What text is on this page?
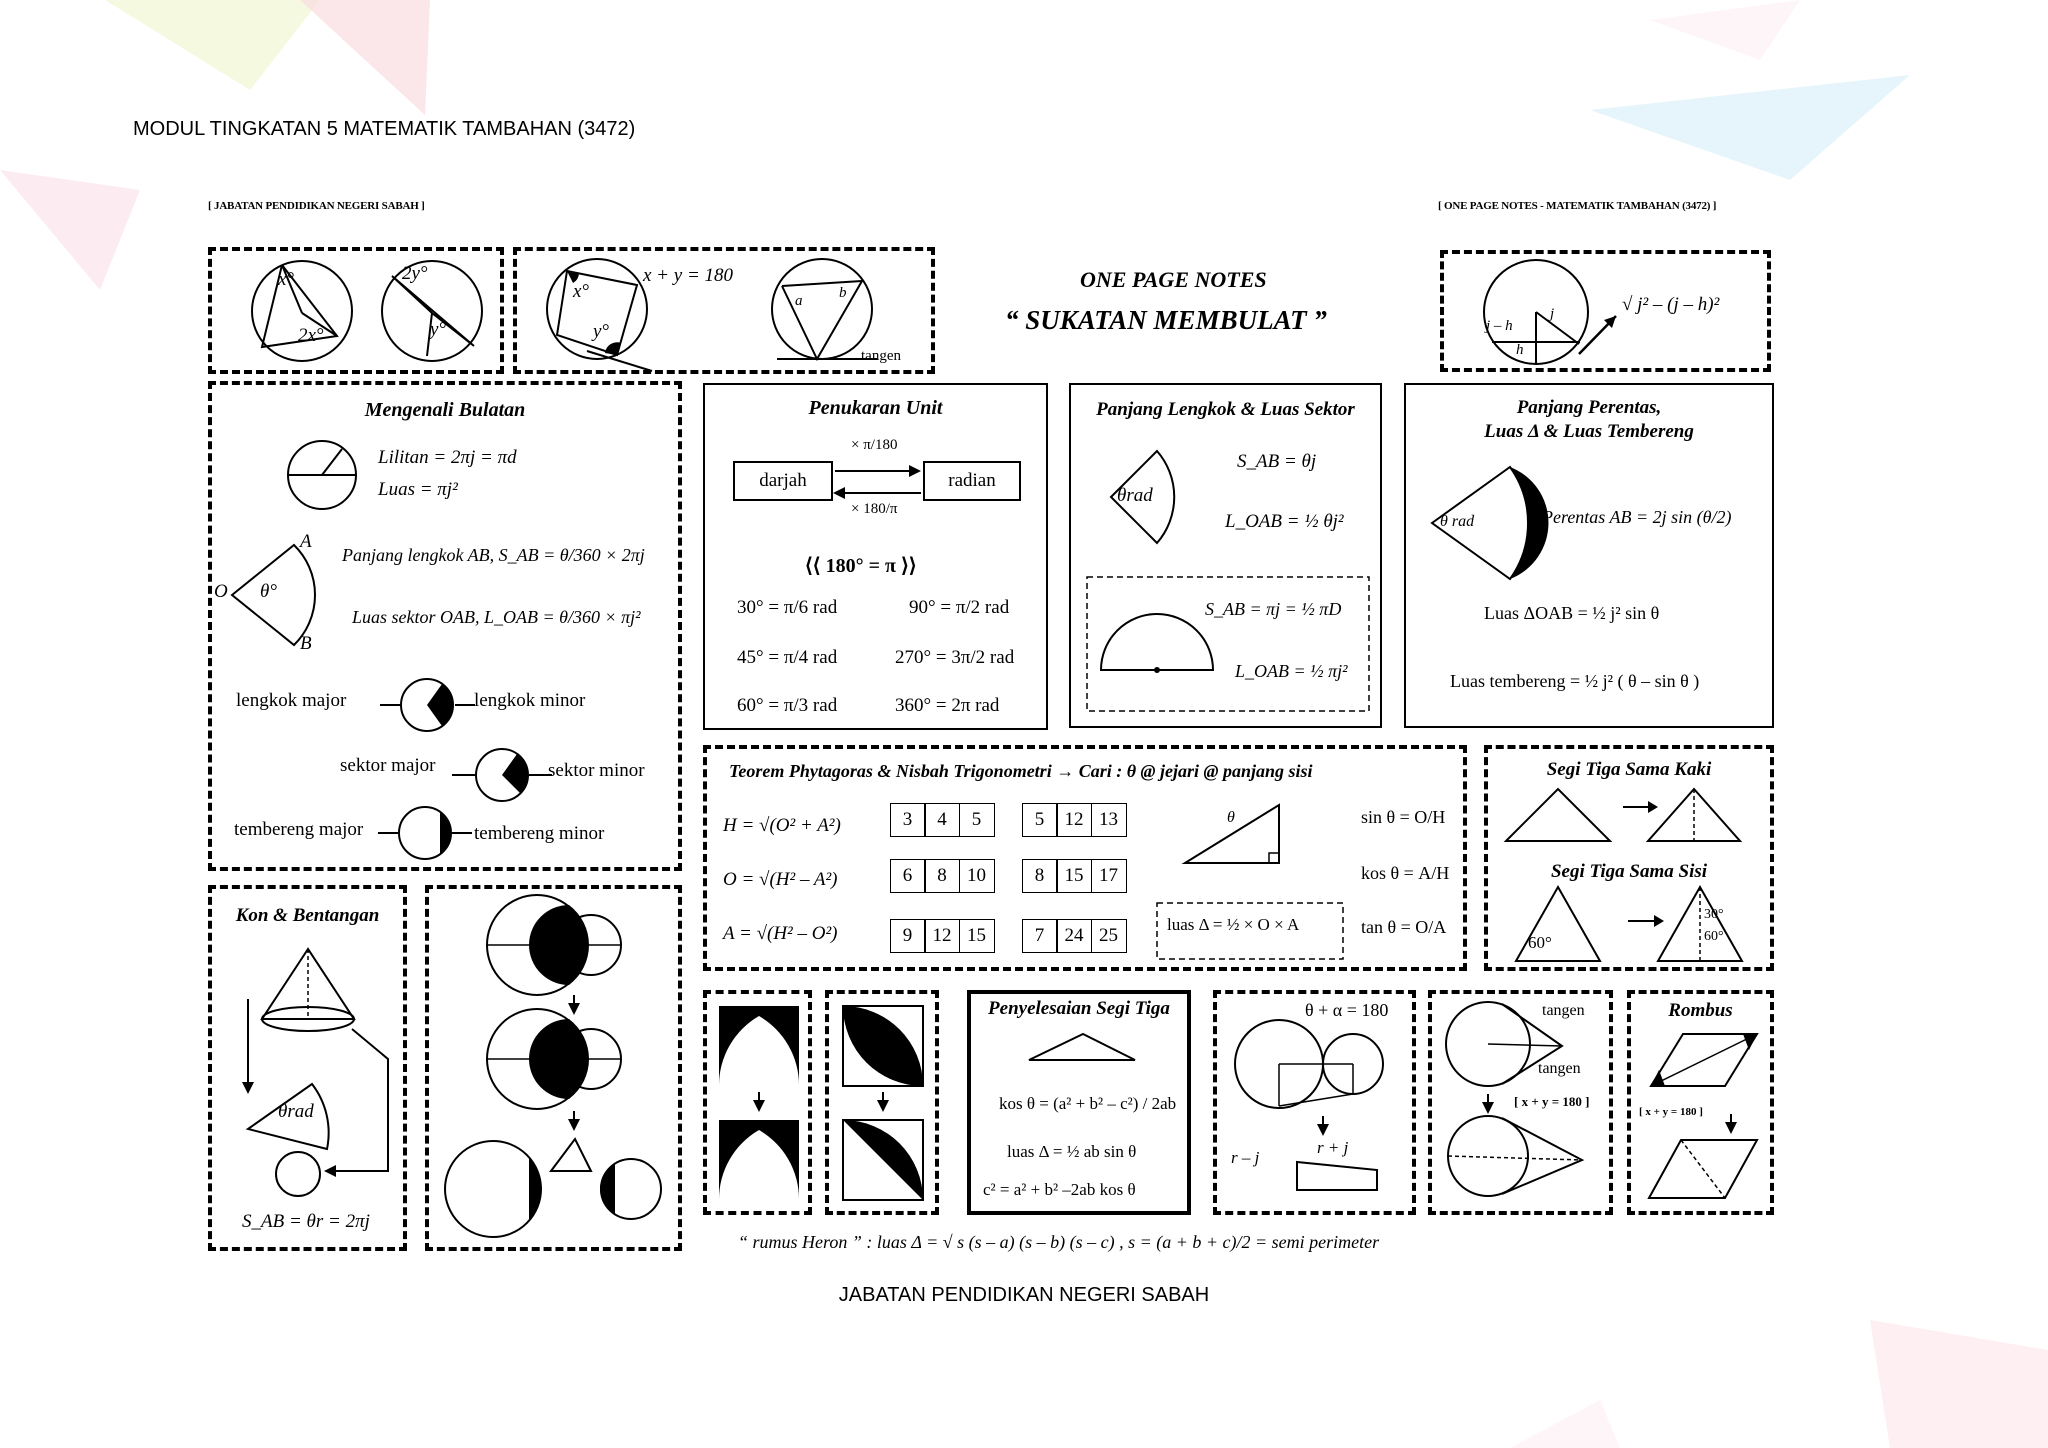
MODUL TINGKATAN 5 MATEMATIK TAMBAHAN (3472)
[ JABATAN PENDIDIKAN NEGERI SABAH ]	[ ONE PAGE NOTES - MATEMATIK TAMBAHAN (3472) ]
x°
2x°
2y°
y°
x°
y°
x + y = 180
a b
tangen
ONE PAGE NOTES
“ SUKATAN MEMBULAT ”	j – h
j
h
√ j² – (j – h)²
Mengenali Bulatan
Lilitan = 2πj = πd
Luas = πj²
Panjang lengkok AB, S_AB = θ/360 × 2πj
Luas sektor OAB, L_OAB = θ/360 × πj²
O
A
B
θ°
lengkok major	lengkok minor
sektor major	sektor minor
tembereng major	tembereng minor
Penukaran Unit
darjah	radian
× π/180
× 180/π
⟨⟨ 180° = π ⟩⟩
30° = π/6 rad	90° = π/2 rad
45° = π/4 rad	270° = 3π/2 rad
60° = π/3 rad	360° = 2π rad
Panjang Lengkok & Luas Sektor
θrad
S_AB = θj
L_OAB = ½ θj²
S_AB = πj = ½ πD
L_OAB = ½ πj²
Panjang Perentas,
Luas Δ & Luas Tembereng
θ rad	Perentas AB = 2j sin (θ/2)
Luas ΔOAB = ½ j² sin θ
Luas tembereng = ½ j² ( θ – sin θ )
Teorem Phytagoras & Nisbah Trigonometri → Cari : θ @ jejari @ panjang sisi
H = √(O² + A²)
O = √(H² – A²)
A = √(H² – O²)
3	4	5	5	12 13
6	8	10	8	15 17
9	12 15	7	24 25
θ
luas Δ = ½ × O × A
sin θ = O/H
kos θ = A/H
tan θ = O/A
Segi Tiga Sama Kaki
Segi Tiga Sama Sisi
60°
30°
60°
Kon & Bentangan
θrad
S_AB = θr = 2πj
Penyelesaian Segi Tiga
kos θ = (a² + b² – c²) / 2ab
luas Δ = ½ ab sin θ
c² = a² + b² –2ab kos θ
θ + α = 180
r – j
r + j
tangen
tangen
[ x + y = 180 ]
Rombus
[ x + y = 180 ]
“ rumus Heron ” : luas Δ = √ s (s – a) (s – b) (s – c) , s = (a + b + c)/2 = semi perimeter
JABATAN PENDIDIKAN NEGERI SABAH
